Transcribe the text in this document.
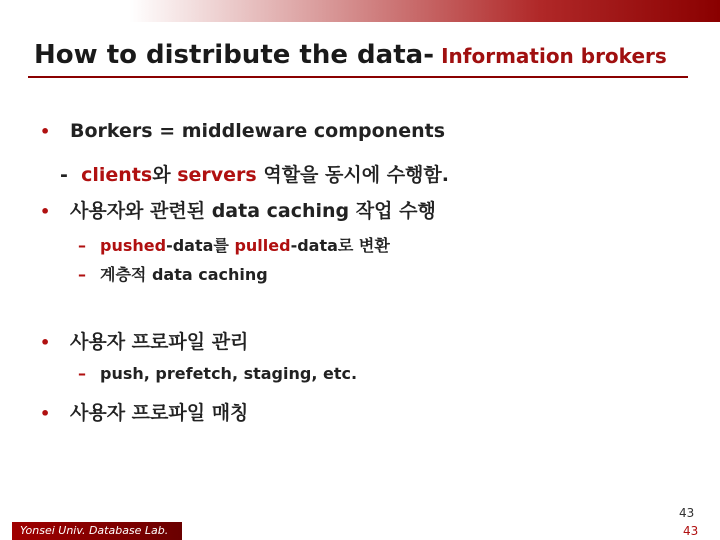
How to distribute the data- Information brokers
• Borkers = middleware components
- clients와 servers 역할을 동시에 수행함.
• 사용자와 관련된 data caching 작업 수행
– pushed-data를 pulled-data로 변환
– 계층적 data caching
• 사용자 프로파일 관리
– push, prefetch, staging, etc.
• 사용자 프로파일 매칭
Yonsei Univ. Database Lab.
43
43
